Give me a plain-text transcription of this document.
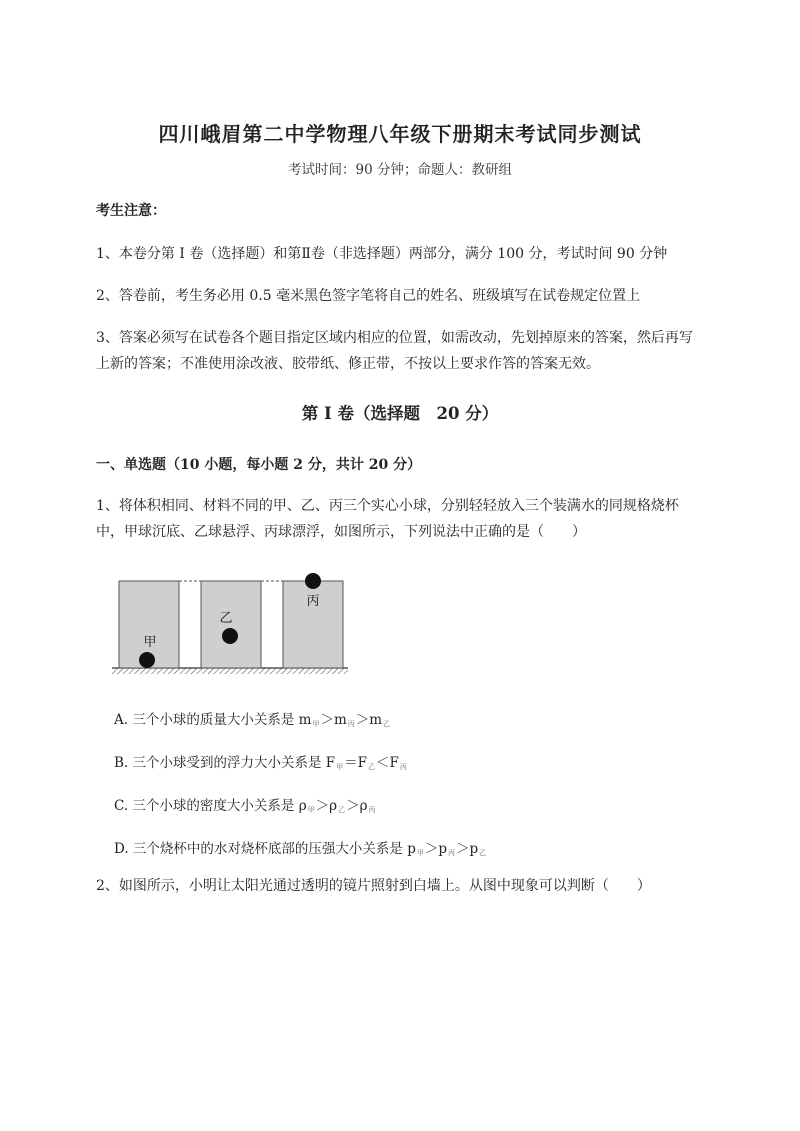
四川峨眉第二中学物理八年级下册期末考试同步测试
考试时间：90 分钟；命题人：教研组
考生注意：
1、本卷分第 I 卷（选择题）和第Ⅱ卷（非选择题）两部分，满分 100 分，考试时间 90 分钟
2、答卷前，考生务必用 0.5 毫米黑色签字笔将自己的姓名、班级填写在试卷规定位置上
3、答案必须写在试卷各个题目指定区域内相应的位置，如需改动，先划掉原来的答案，然后再写上新的答案；不准使用涂改液、胶带纸、修正带，不按以上要求作答的答案无效。
第 I 卷（选择题　20 分）
一、单选题（10 小题，每小题 2 分，共计 20 分）
1、将体积相同、材料不同的甲、乙、丙三个实心小球，分别轻轻放入三个装满水的同规格烧杯中，甲球沉底、乙球悬浮、丙球漂浮，如图所示，下列说法中正确的是（　　）
甲
乙
丙
A. 三个小球的质量大小关系是 $m_甲>m_丙>m_乙$
B. 三个小球受到的浮力大小关系是 $F_甲=F_乙<F_丙$
C. 三个小球的密度大小关系是 $\rho_甲>\rho_乙>\rho_丙$
D. 三个烧杯中的水对烧杯底部的压强大小关系是 $p_甲>p_丙>p_乙$
2、如图所示，小明让太阳光通过透明的镜片照射到白墙上。从图中现象可以判断（　　）
